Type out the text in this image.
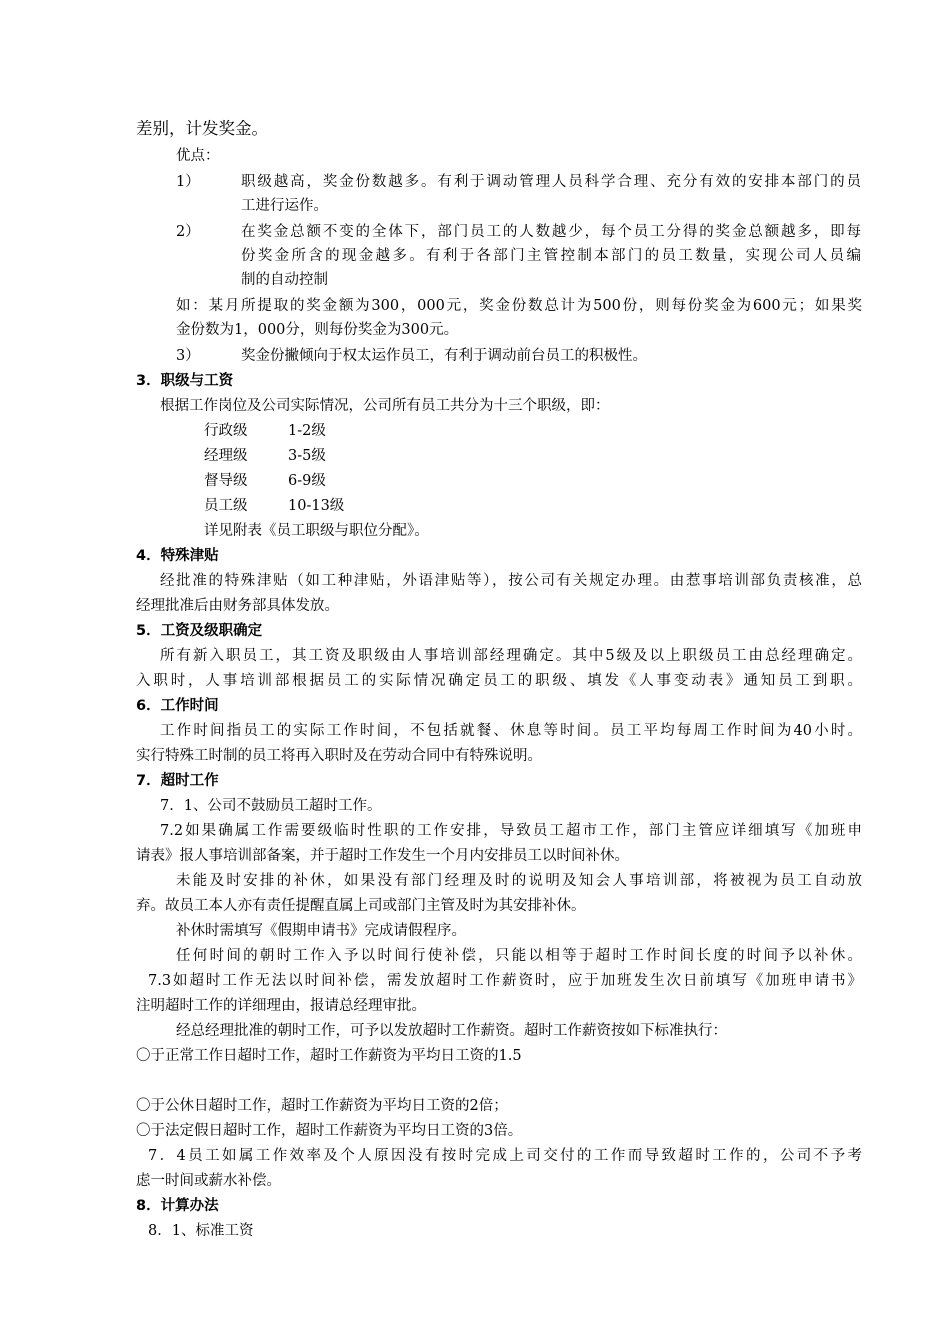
差别，计发奖金。
优点：
1）	职级越高，奖金份数越多。有利于调动管理人员科学合理、充分有效的安排本部门的员
工进行运作。
2）	在奖金总额不变的全体下，部门员工的人数越少，每个员工分得的奖金总额越多，即每
份奖金所含的现金越多。有利于各部门主管控制本部门的员工数量，实现公司人员编
制的自动控制
如：某月所提取的奖金额为300，000元，奖金份数总计为500份，则每份奖金为600元；如果奖
金份数为1，000分，则每份奖金为300元。
3）	奖金份撇倾向于权太运作员工，有利于调动前台员工的积极性。
3．职级与工资
根据工作岗位及公司实际情况，公司所有员工共分为十三个职级，即：
行政级	1-2级
经理级	3-5级
督导级	6-9级
员工级	10-13级
详见附表《员工职级与职位分配》。
4．特殊津贴
经批准的特殊津贴（如工种津贴，外语津贴等），按公司有关规定办理。由惹事培训部负责核准，总
经理批准后由财务部具体发放。
5．工资及级职确定
所有新入职员工，其工资及职级由人事培训部经理确定。其中5级及以上职级员工由总经理确定。
入职时，人事培训部根据员工的实际情况确定员工的职级、填发《人事变动表》通知员工到职。
6．工作时间
工作时间指员工的实际工作时间，不包括就餐、休息等时间。员工平均每周工作时间为40小时。
实行特殊工时制的员工将再入职时及在劳动合同中有特殊说明。
7．超时工作
7．1、公司不鼓励员工超时工作。
7.2如果确属工作需要级临时性职的工作安排，导致员工超市工作，部门主管应详细填写《加班申
请表》报人事培训部备案，并于超时工作发生一个月内安排员工以时间补休。
未能及时安排的补休，如果没有部门经理及时的说明及知会人事培训部，将被视为员工自动放
弃。故员工本人亦有责任提醒直属上司或部门主管及时为其安排补休。
补休时需填写《假期申请书》完成请假程序。
任何时间的朝时工作入予以时间行使补偿，只能以相等于超时工作时间长度的时间予以补休。
7.3如超时工作无法以时间补偿，需发放超时工作薪资时，应于加班发生次日前填写《加班申请书》
注明超时工作的详细理由，报请总经理审批。
经总经理批准的朝时工作，可予以发放超时工作薪资。超时工作薪资按如下标准执行：
〇于正常工作日超时工作，超时工作薪资为平均日工资的1.5
〇于公休日超时工作，超时工作薪资为平均日工资的2倍；
〇于法定假日超时工作，超时工作薪资为平均日工资的3倍。
7．4员工如属工作效率及个人原因没有按时完成上司交付的工作而导致超时工作的，公司不予考
虑一时间或薪水补偿。
8．计算办法
8．1、标准工资
